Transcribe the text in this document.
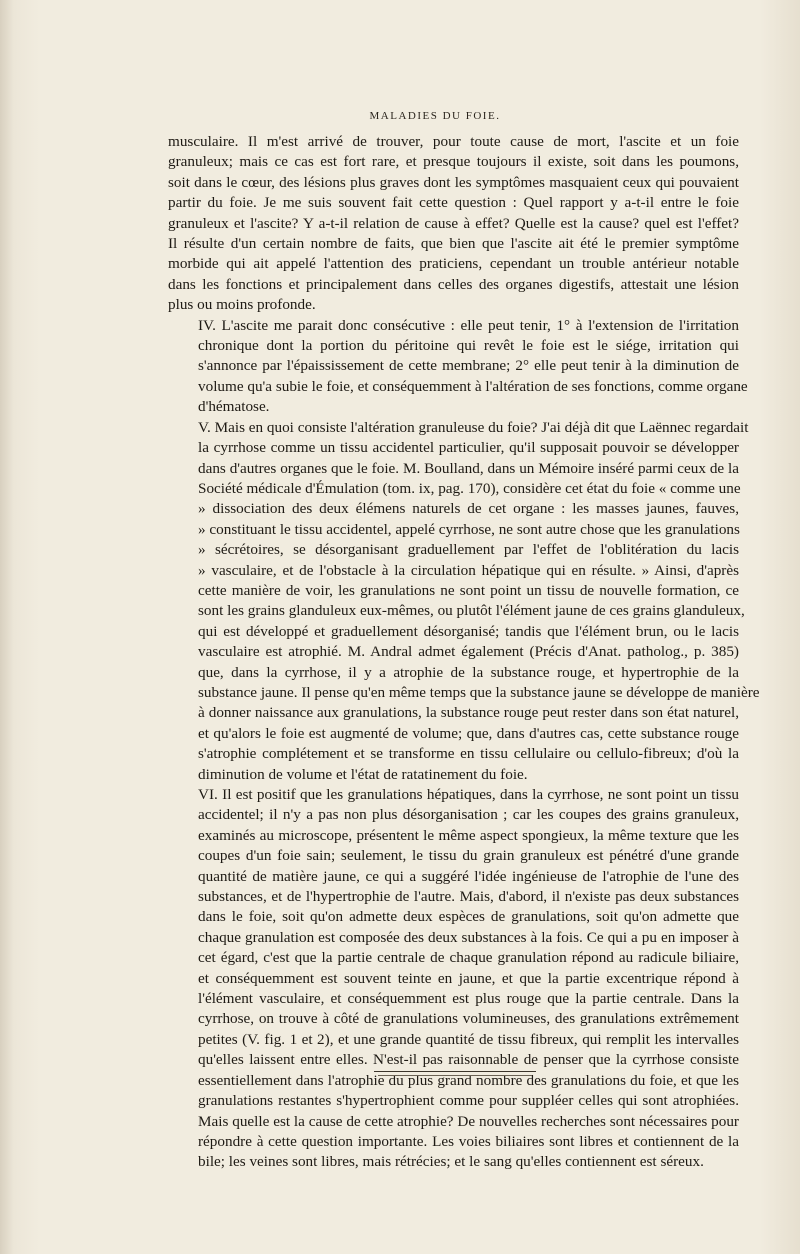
MALADIES DU FOIE.

musculaire. Il m'est arrivé de trouver, pour toute cause de mort, l'ascite et un foie
granuleux; mais ce cas est fort rare, et presque toujours il existe, soit dans les poumons,
soit dans le cœur, des lésions plus graves dont les symptômes masquaient ceux qui pouvaient
partir du foie. Je me suis souvent fait cette question : Quel rapport y a-t-il entre le foie
granuleux et l'ascite? Y a-t-il relation de cause à effet? Quelle est la cause? quel est l'effet?
Il résulte d'un certain nombre de faits, que bien que l'ascite ait été le premier symptôme
morbide qui ait appelé l'attention des praticiens, cependant un trouble antérieur notable
dans les fonctions et principalement dans celles des organes digestifs, attestait une lésion
plus ou moins profonde.

IV. L'ascite me parait donc consécutive : elle peut tenir, 1° à l'extension de l'irritation
chronique dont la portion du péritoine qui revêt le foie est le siége, irritation qui
s'annonce par l'épaississement de cette membrane; 2° elle peut tenir à la diminution de
volume qu'a subie le foie, et conséquemment à l'altération de ses fonctions, comme organe
d'hématose.

V. Mais en quoi consiste l'altération granuleuse du foie? J'ai déjà dit que Laënnec regardait
la cyrrhose comme un tissu accidentel particulier, qu'il supposait pouvoir se développer
dans d'autres organes que le foie. M. Boulland, dans un Mémoire inséré parmi ceux de la
Société médicale d'Émulation (tom. ix, pag. 170), considère cet état du foie « comme une
» dissociation des deux élémens naturels de cet organe : les masses jaunes, fauves,
» constituant le tissu accidentel, appelé cyrrhose, ne sont autre chose que les granulations
» sécrétoires, se désorganisant graduellement par l'effet de l'oblitération du lacis
» vasculaire, et de l'obstacle à la circulation hépatique qui en résulte. » Ainsi, d'après
cette manière de voir, les granulations ne sont point un tissu de nouvelle formation, ce
sont les grains glanduleux eux-mêmes, ou plutôt l'élément jaune de ces grains glanduleux,
qui est développé et graduellement désorganisé; tandis que l'élément brun, ou le lacis
vasculaire est atrophié. M. Andral admet également (Précis d'Anat. patholog., p. 385)
que, dans la cyrrhose, il y a atrophie de la substance rouge, et hypertrophie de la
substance jaune. Il pense qu'en même temps que la substance jaune se développe de manière
à donner naissance aux granulations, la substance rouge peut rester dans son état naturel,
et qu'alors le foie est augmenté de volume; que, dans d'autres cas, cette substance rouge
s'atrophie complétement et se transforme en tissu cellulaire ou cellulo-fibreux; d'où la
diminution de volume et l'état de ratatinement du foie.

VI. Il est positif que les granulations hépatiques, dans la cyrrhose, ne sont point un tissu
accidentel; il n'y a pas non plus désorganisation ; car les coupes des grains granuleux,
examinés au microscope, présentent le même aspect spongieux, la même texture que les
coupes d'un foie sain; seulement, le tissu du grain granuleux est pénétré d'une grande
quantité de matière jaune, ce qui a suggéré l'idée ingénieuse de l'atrophie de l'une des
substances, et de l'hypertrophie de l'autre. Mais, d'abord, il n'existe pas deux substances
dans le foie, soit qu'on admette deux espèces de granulations, soit qu'on admette que
chaque granulation est composée des deux substances à la fois. Ce qui a pu en imposer à
cet égard, c'est que la partie centrale de chaque granulation répond au radicule biliaire,
et conséquemment est souvent teinte en jaune, et que la partie excentrique répond à
l'élément vasculaire, et conséquemment est plus rouge que la partie centrale. Dans la
cyrrhose, on trouve à côté de granulations volumineuses, des granulations extrêmement
petites (V. fig. 1 et 2), et une grande quantité de tissu fibreux, qui remplit les intervalles
qu'elles laissent entre elles. N'est-il pas raisonnable de penser que la cyrrhose consiste
essentiellement dans l'atrophie du plus grand nombre des granulations du foie, et que les
granulations restantes s'hypertrophient comme pour suppléer celles qui sont atrophiées.
Mais quelle est la cause de cette atrophie? De nouvelles recherches sont nécessaires pour
répondre à cette question importante. Les voies biliaires sont libres et contiennent de la
bile; les veines sont libres, mais rétrécies; et le sang qu'elles contiennent est séreux.
